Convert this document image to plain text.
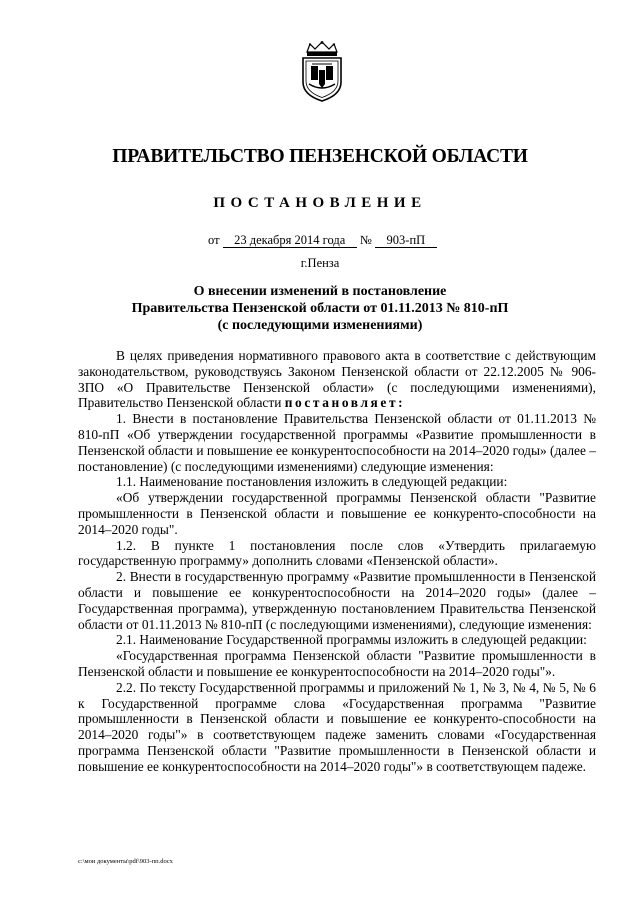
ПРАВИТЕЛЬСТВО ПЕНЗЕНСКОЙ ОБЛАСТИ
ПОСТАНОВЛЕНИЕ
от 23 декабря 2014 года № 903-пП
г.Пенза
О внесении изменений в постановление
Правительства Пензенской области от 01.11.2013 № 810-пП
(с последующими изменениями)

В целях приведения нормативного правового акта в соответствие с действующим законодательством, руководствуясь Законом Пензенской области от 22.12.2005 № 906-ЗПО «О Правительстве Пензенской области» (с последующими изменениями), Правительство Пензенской области постановляет:

1. Внести в постановление Правительства Пензенской области от 01.11.2013 № 810-пП «Об утверждении государственной программы «Развитие промышленности в Пензенской области и повышение ее конкурентоспособности на 2014–2020 годы» (далее – постановление) (с последующими изменениями) следующие изменения:

1.1. Наименование постановления изложить в следующей редакции:

«Об утверждении государственной программы Пензенской области "Развитие промышленности в Пензенской области и повышение ее конкуренто-способности на 2014–2020 годы".

1.2. В пункте 1 постановления после слов «Утвердить прилагаемую государственную программу» дополнить словами «Пензенской области».

2. Внести в государственную программу «Развитие промышленности в Пензенской области и повышение ее конкурентоспособности на 2014–2020 годы» (далее – Государственная программа), утвержденную постановлением Правительства Пензенской области от 01.11.2013 № 810-пП (с последующими изменениями), следующие изменения:

2.1. Наименование Государственной программы изложить в следующей редакции:

«Государственная программа Пензенской области "Развитие промышленности в Пензенской области и повышение ее конкурентоспособности на 2014–2020 годы"».

2.2. По тексту Государственной программы и приложений № 1, № 3, № 4, № 5, № 6 к Государственной программе слова «Государственная программа "Развитие промышленности в Пензенской области и повышение ее конкуренто-способности на 2014–2020 годы"» в соответствующем падеже заменить словами «Государственная программа Пензенской области "Развитие промышленности в Пензенской области и повышение ее конкурентоспособности на 2014–2020 годы"» в соответствующем падеже.

c:\мои документы\pdf\903-пп.docx
